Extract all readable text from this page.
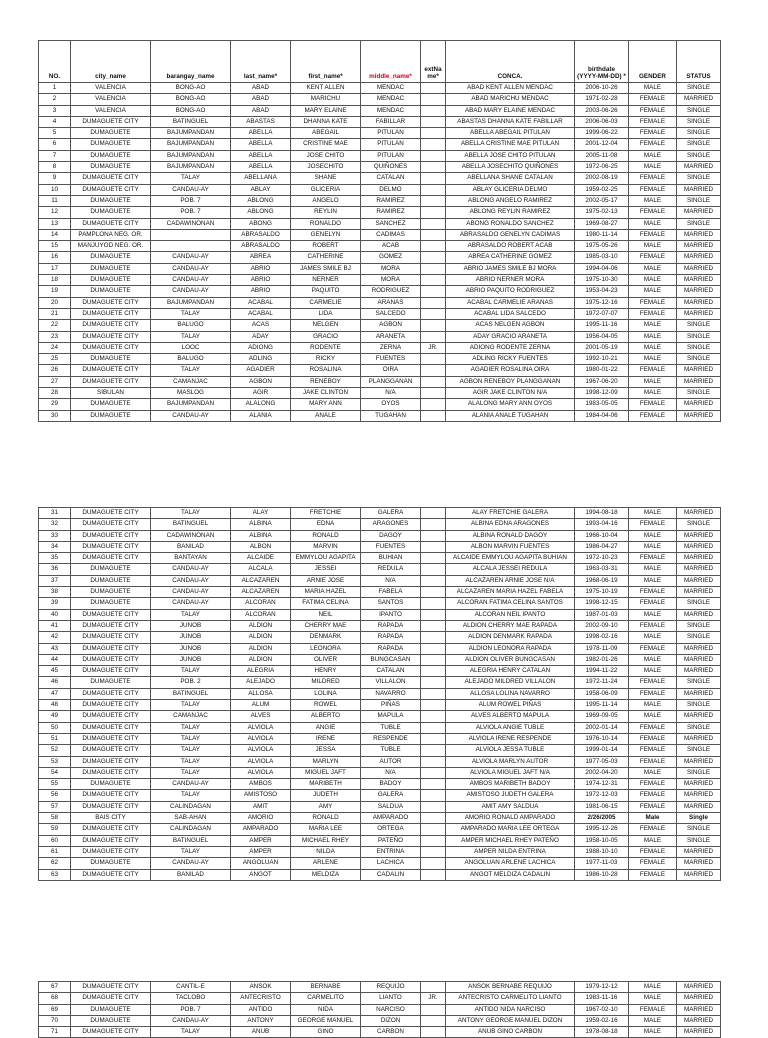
NO.	city_name	barangay_name	last_name*	first_name*	middle_name*	extName*	CONCA.	birthdate (YYYY-MM-DD) *	GENDER	STATUS
1	VALENCIA	BONG-AO	ABAD	KENT ALLEN	MENDAC		ABAD KENT ALLEN MENDAC	2006-10-26	MALE	SINGLE
2	VALENCIA	BONG-AO	ABAD	MARICHU	MENDAC		ABAD MARICHU MENDAC	1971-02-28	FEMALE	MARRIED
3	VALENCIA	BONG-AO	ABAD	MARY ELAINE	MENDAC		ABAD MARY ELAINE MENDAC	2003-06-26	FEMALE	SINGLE
4	DUMAGUETE CITY	BATINGUEL	ABASTAS	DHANNA KATE	FABILLAR		ABASTAS DHANNA KATE FABILLAR	2006-06-03	FEMALE	SINGLE
5	DUMAGUETE	BAJUMPANDAN	ABELLA	ABEGAIL	PITULAN		ABELLA ABEGAIL PITULAN	1999-06-22	FEMALE	SINGLE
6	DUMAGUETE	BAJUMPANDAN	ABELLA	CRISTINE MAE	PITULAN		ABELLA CRISTINE MAE PITULAN	2001-12-04	FEMALE	SINGLE
7	DUMAGUETE	BAJUMPANDAN	ABELLA	JOSE CHITO	PITULAN		ABELLA JOSE CHITO PITULAN	2005-11-08	MALE	SINGLE
8	DUMAGUETE	BAJUMPANDAN	ABELLA	JOSECHITO	QUIÑONES		ABELLA JOSECHITO QUIÑONES	1972-06-25	MALE	MARRIED
9	DUMAGUETE CITY	TALAY	ABELLANA	SHANE	CATALAN		ABELLANA SHANE CATALAN	2002-08-19	FEMALE	SINGLE
10	DUMAGUETE CITY	CANDAU-AY	ABLAY	GLICERIA	DELMO		ABLAY GLICERIA DELMO	1959-02-25	FEMALE	MARRIED
11	DUMAGUETE	POB. 7	ABLONG	ANGELO	RAMIREZ		ABLONG ANGELO RAMIREZ	2002-05-17	MALE	SINGLE
12	DUMAGUETE	POB. 7	ABLONG	REYLIN	RAMIREZ		ABLONG REYLIN RAMIREZ	1975-02-13	FEMALE	MARRIED
13	DUMAGUETE CITY	CADAWINONAN	ABONG	RONALDO	SANCHEZ		ABONG RONALDO SANCHEZ	1969-08-27	MALE	SINGLE
14	PAMPLONA NEG. OR.		ABRASALDO	GENELYN	CADIMAS		ABRASALDO GENELYN CADIMAS	1980-11-14	FEMALE	MARRIED
15	MANJUYOD NEG. OR.		ABRASALDO	ROBERT	ACAB		ABRASALDO ROBERT ACAB	1975-05-26	MALE	MARRIED
16	DUMAGUETE	CANDAU-AY	ABREA	CATHERINE	GOMEZ		ABREA CATHERINE GOMEZ	1985-03-10	FEMALE	MARRIED
17	DUMAGUETE	CANDAU-AY	ABRIO	JAMES SMILE BJ	MORA		ABRIO JAMES SMILE BJ MORA	1994-04-06	MALE	MARRIED
18	DUMAGUETE	CANDAU-AY	ABRIO	NERNER	MORA		ABRIO NERNER MORA	1975-10-30	MALE	MARRIED
19	DUMAGUETE	CANDAU-AY	ABRIO	PAQUITO	RODRIGUEZ		ABRIO PAQUITO RODRIGUEZ	1953-04-23	MALE	MARRIED
20	DUMAGUETE CITY	BAJUMPANDAN	ACABAL	CARMELIE	ARANAS		ACABAL CARMELIE ARANAS	1975-12-16	FEMALE	MARRIED
21	DUMAGUETE CITY	TALAY	ACABAL	LIDA	SALCEDO		ACABAL LIDA SALCEDO	1972-07-07	FEMALE	MARRIED
22	DUMAGUETE CITY	BALUGO	ACAS	NELGEN	AGBON		ACAS NELGEN AGBON	1995-11-16	MALE	SINGLE
23	DUMAGUETE CITY	TALAY	ADAY	GRACIO	ARANETA		ADAY GRACIO ARANETA	1956-04-05	MALE	SINGLE
24	DUMAGUETE CITY	LOOC	ADIONG	RODENTE	ZERNA	JR.	ADIONG RODENTE ZERNA	2001-05-19	MALE	SINGLE
25	DUMAGUETE	BALUGO	ADLING	RICKY	FUENTES		ADLING RICKY FUENTES	1992-10-21	MALE	SINGLE
26	DUMAGUETE CITY	TALAY	AGADIER	ROSALINA	OIRA		AGADIER ROSALINA OIRA	1980-01-22	FEMALE	MARRIED
27	DUMAGUETE CITY	CAMANJAC	AGBON	RENEBOY	PLANGGANAN		AGBON RENEBOY PLANGGANAN	1967-06-20	MALE	MARRIED
28	SIBULAN	MASLOG	AGIR	JAKE CLINTON	N/A		AGIR JAKE CLINTON N/A	1998-12-09	MALE	SINGLE
29	DUMAGUETE	BAJUMPANDAN	ALALONG	MARY ANN	OYOS		ALALONG MARY ANN OYOS	1983-05-05	FEMALE	MARRIED
30	DUMAGUETE	CANDAU-AY	ALANIA	ANALE	TUGAHAN		ALANIA ANALE TUGAHAN	1984-04-06	FEMALE	MARRIED
31	DUMAGUETE CITY	TALAY	ALAY	FRETCHIE	GALERA		ALAY FRETCHIE GALERA	1994-08-18	MALE	MARRIED
32	DUMAGUETE CITY	BATINGUEL	ALBINA	EDNA	ARAGONES		ALBINA EDNA ARAGONES	1993-04-16	FEMALE	SINGLE
33	DUMAGUETE CITY	CADAWINONAN	ALBINA	RONALD	DAGOY		ALBINA RONALD DAGOY	1966-10-04	MALE	MARRIED
34	DUMAGUETE CITY	BANILAD	ALBON	MARVIN	FUENTES		ALBON MARVIN FUENTES	1986-04-27	MALE	MARRIED
35	DUMAGUETE CITY	BANTAYAN	ALCAIDE	EMMYLOU AGAPITA	BUHIAN		ALCAIDE EMMYLOU AGAPITA BUHIAN	1972-10-23	FEMALE	MARRIED
36	DUMAGUETE	CANDAU-AY	ALCALA	JESSEI	REDULA		ALCALA JESSEI REDULA	1963-03-31	MALE	MARRIED
37	DUMAGUETE	CANDAU-AY	ALCAZAREN	ARNIE JOSE	N/A		ALCAZAREN ARNIE JOSE N/A	1968-06-19	MALE	MARRIED
38	DUMAGUETE	CANDAU-AY	ALCAZAREN	MARIA HAZEL	FABELA		ALCAZAREN MARIA HAZEL FABELA	1975-10-19	FEMALE	MARRIED
39	DUMAGUETE	CANDAU-AY	ALCORAN	FATIMA CELINA	SANTOS		ALCORAN FATIMA CELINA SANTOS	1998-12-15	FEMALE	SINGLE
40	DUMAGUETE CITY	TALAY	ALCORAN	NEIL	IPANTO		ALCORAN NEIL IPANTO	1987-01-03	MALE	MARRIED
41	DUMAGUETE CITY	JUNOB	ALDION	CHERRY MAE	RAPADA		ALDION CHERRY MAE RAPADA	2002-09-10	FEMALE	SINGLE
42	DUMAGUETE CITY	JUNOB	ALDION	DENMARK	RAPADA		ALDION DENMARK RAPADA	1998-02-16	MALE	SINGLE
43	DUMAGUETE CITY	JUNOB	ALDION	LEONORA	RAPADA		ALDION LEONORA RAPADA	1978-11-09	FEMALE	MARRIED
44	DUMAGUETE CITY	JUNOB	ALDION	OLIVER	BUNGCASAN		ALDION OLIVER BUNGCASAN	1982-01-26	MALE	MARRIED
45	DUMAGUETE CITY	TALAY	ALEGRIA	HENRY	CATALAN		ALEGRIA HENRY CATALAN	1994-11-22	MALE	MARRIED
46	DUMAGUETE	POB. 2	ALEJADO	MILDRED	VILLALON		ALEJADO MILDRED VILLALON	1972-11-24	FEMALE	SINGLE
47	DUMAGUETE CITY	BATINGUEL	ALLOSA	LOLINA	NAVARRO		ALLOSA LOLINA NAVARRO	1958-06-09	FEMALE	MARRIED
48	DUMAGUETE CITY	TALAY	ALUM	ROWEL	PIÑAS		ALUM ROWEL PIÑAS	1995-11-14	MALE	SINGLE
49	DUMAGUETE CITY	CAMANJAC	ALVES	ALBERTO	MAPULA		ALVES ALBERTO MAPULA	1969-09-05	MALE	MARRIED
50	DUMAGUETE CITY	TALAY	ALVIOLA	ANGIE	TUBLE		ALVIOLA ANGIE TUBLE	2002-01-14	FEMALE	SINGLE
51	DUMAGUETE CITY	TALAY	ALVIOLA	IRENE	RESPENDE		ALVIOLA IRENE RESPENDE	1976-10-14	FEMALE	MARRIED
52	DUMAGUETE CITY	TALAY	ALVIOLA	JESSA	TUBLE		ALVIOLA JESSA TUBLE	1999-01-14	FEMALE	SINGLE
53	DUMAGUETE CITY	TALAY	ALVIOLA	MARLYN	AUTOR		ALVIOLA MARLYN AUTOR	1977-05-03	FEMALE	MARRIED
54	DUMAGUETE CITY	TALAY	ALVIOLA	MIGUEL JAFT	N/A		ALVIOLA MIGUEL JAFT N/A	2002-04-20	MALE	SINGLE
55	DUMAGUETE	CANDAU-AY	AMBOS	MARIBETH	BADOY		AMBOS MARIBETH BADOY	1974-12-31	FEMALE	MARRIED
56	DUMAGUETE CITY	TALAY	AMISTOSO	JUDETH	GALERA		AMISTOSO JUDETH GALERA	1972-12-03	FEMALE	MARRIED
57	DUMAGUETE CITY	CALINDAGAN	AMIT	AMY	SALDUA		AMIT AMY SALDUA	1981-06-15	FEMALE	MARRIED
58	BAIS CITY	SAB-AHAN	AMORIO	RONALD	AMPARADO		AMORIO RONALD AMPARADO	2/26/2005	Male	Single
59	DUMAGUETE CITY	CALINDAGAN	AMPARADO	MARIA LEE	ORTEGA		AMPARADO MARIA LEE ORTEGA	1995-12-26	FEMALE	SINGLE
60	DUMAGUETE CITY	BATINGUEL	AMPER	MICHAEL RHEY	PATEÑO		AMPER MICHAEL RHEY PATEÑO	1958-10-05	MALE	SINGLE
61	DUMAGUETE CITY	TALAY	AMPER	NILDA	ENTRINA		AMPER NILDA ENTRINA	1988-10-10	FEMALE	MARRIED
62	DUMAGUETE	CANDAU-AY	ANGOLUAN	ARLENE	LACHICA		ANGOLUAN ARLENE LACHICA	1977-11-03	FEMALE	MARRIED
63	DUMAGUETE CITY	BANILAD	ANGOT	MELDIZA	CADALIN		ANGOT MELDIZA CADALIN	1986-10-28	FEMALE	MARRIED
67	DUMAGUETE CITY	CANTIL-E	ANSOK	BERNABE	REQUIJO		ANSOK BERNABE REQUIJO	1979-12-12	MALE	MARRIED
68	DUMAGUETE CITY	TACLOBO	ANTECRISTO	CARMELITO	LIANTO	JR.	ANTECRISTO CARMELITO LIANTO	1983-11-16	MALE	MARRIED
69	DUMAGUETE	POB. 7	ANTIDO	NIDA	NARCISO		ANTIDO NIDA NARCISO	1967-02-10	FEMALE	MARRIED
70	DUMAGUETE	CANDAU-AY	ANTONY	GEORGE MANUEL	DIZON		ANTONY GEORGE MANUEL DIZON	1959-02-16	MALE	MARRIED
71	DUMAGUETE CITY	TALAY	ANUB	GINO	CARBON		ANUB GINO CARBON	1978-08-18	MALE	MARRIED
